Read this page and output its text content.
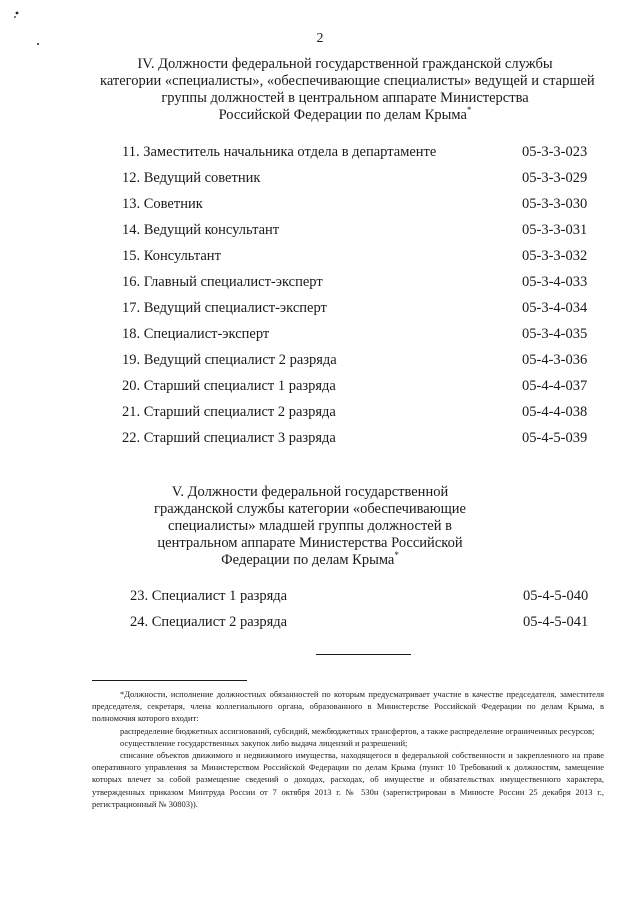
2
IV. Должности федеральной государственной гражданской службы
категории «специалисты», «обеспечивающие специалисты» ведущей и старшей
группы должностей в центральном аппарате Министерства
Российской Федерации по делам Крыма*
11. Заместитель начальника отдела в департаменте	05-3-3-023
12. Ведущий советник	05-3-3-029
13. Советник	05-3-3-030
14. Ведущий консультант	05-3-3-031
15. Консультант	05-3-3-032
16. Главный специалист-эксперт	05-3-4-033
17. Ведущий специалист-эксперт	05-3-4-034
18. Специалист-эксперт	05-3-4-035
19. Ведущий специалист 2 разряда	05-4-3-036
20. Старший специалист 1 разряда	05-4-4-037
21. Старший специалист 2 разряда	05-4-4-038
22. Старший специалист 3 разряда	05-4-5-039
V. Должности федеральной государственной
гражданской службы категории «обеспечивающие
специалисты» младшей группы должностей в
центральном аппарате Министерства Российской
Федерации по делам Крыма*
23. Специалист 1 разряда	05-4-5-040
24. Специалист 2 разряда	05-4-5-041

*Должности, исполнение должностных обязанностей по которым предусматривает участие в качестве председателя, заместителя председателя, секретаря, члена коллегиального органа, образованного в Министерстве Российской Федерации по делам Крыма, в полномочия которого входит:

распределение бюджетных ассигнований, субсидий, межбюджетных трансфертов, а также распределение ограниченных ресурсов;

осуществление государственных закупок либо выдача лицензий и разрешений;

списание объектов движимого и недвижимого имущества, находящегося в федеральной собственности и закрепленного на праве оперативного управления за Министерством Российской Федерации по делам Крыма (пункт 10 Требований к должностям, замещение которых влечет за собой размещение сведений о доходах, расходах, об имуществе и обязательствах имущественного характера, утвержденных приказом Минтруда России от 7 октября 2013 г. № 530н (зарегистрирован в Минюсте России 25 декабря 2013 г., регистрационный № 30803)).
